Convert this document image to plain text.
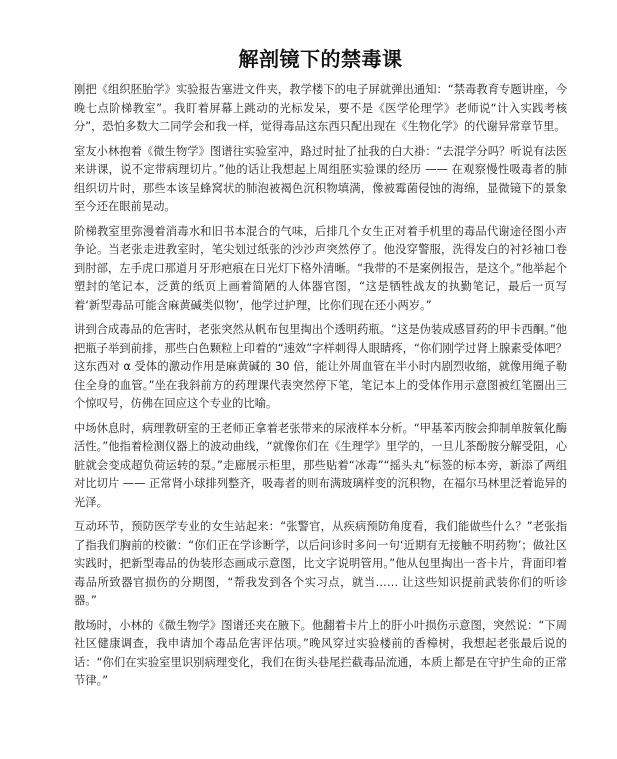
解剖镜下的禁毒课

刚把《组织胚胎学》实验报告塞进文件夹，教学楼下的电子屏就弹出通知：“禁毒教育专题讲座，今晚七点阶梯教室”。我盯着屏幕上跳动的光标发呆，要不是《医学伦理学》老师说“计入实践考核分”，恐怕多数大二同学会和我一样，觉得毒品这东西只配出现在《生物化学》的代谢异常章节里。

室友小林抱着《微生物学》图谱往实验室冲，路过时扯了扯我的白大褂：“去混学分吗？听说有法医来讲课，说不定带病理切片。”他的话让我想起上周组胚实验课的经历 —— 在观察慢性吸毒者的肺组织切片时，那些本该呈蜂窝状的肺泡被褐色沉积物填满，像被霉菌侵蚀的海绵，显微镜下的景象至今还在眼前晃动。

阶梯教室里弥漫着消毒水和旧书本混合的气味，后排几个女生正对着手机里的毒品代谢途径图小声争论。当老张走进教室时，笔尖划过纸张的沙沙声突然停了。他没穿警服，洗得发白的衬衫袖口卷到肘部，左手虎口那道月牙形疤痕在日光灯下格外清晰。“我带的不是案例报告，是这个。”他举起个塑封的笔记本，泛黄的纸页上画着简陋的人体器官图，“这是牺牲战友的执勤笔记，最后一页写着‘新型毒品可能含麻黄碱类似物’，他学过护理，比你们现在还小两岁。”

讲到合成毒品的危害时，老张突然从帆布包里掏出个透明药瓶。“这是伪装成感冒药的甲卡西酮。”他把瓶子举到前排，那些白色颗粒上印着的“速效”字样刺得人眼睛疼，“你们刚学过肾上腺素受体吧？这东西对 α 受体的激动作用是麻黄碱的 30 倍，能让外周血管在半小时内剧烈收缩，就像用绳子勒住全身的血管。”坐在我斜前方的药理课代表突然停下笔，笔记本上的受体作用示意图被红笔圈出三个惊叹号，仿佛在回应这个专业的比喻。

中场休息时，病理教研室的王老师正拿着老张带来的尿液样本分析。“甲基苯丙胺会抑制单胺氧化酶活性。”他指着检测仪器上的波动曲线，“就像你们在《生理学》里学的，一旦儿茶酚胺分解受阻，心脏就会变成超负荷运转的泵。”走廊展示柜里，那些贴着“冰毒”“摇头丸”标签的标本旁，新添了两组对比切片 —— 正常肾小球排列整齐，吸毒者的则布满玻璃样变的沉积物，在福尔马林里泛着诡异的光泽。

互动环节，预防医学专业的女生站起来：“张警官，从疾病预防角度看，我们能做些什么？”老张指了指我们胸前的校徽：“你们正在学诊断学，以后问诊时多问一句‘近期有无接触不明药物’；做社区实践时，把新型毒品的伪装形态画成示意图，比文字说明管用。”他从包里掏出一沓卡片，背面印着毒品所致器官损伤的分期图，“帮我发到各个实习点，就当…… 让这些知识提前武装你们的听诊器。”

散场时，小林的《微生物学》图谱还夹在腋下。他翻着卡片上的肝小叶损伤示意图，突然说：“下周社区健康调查，我申请加个毒品危害评估项。”晚风穿过实验楼前的香樟树，我想起老张最后说的话：“你们在实验室里识别病理变化，我们在街头巷尾拦截毒品流通，本质上都是在守护生命的正常节律。”
